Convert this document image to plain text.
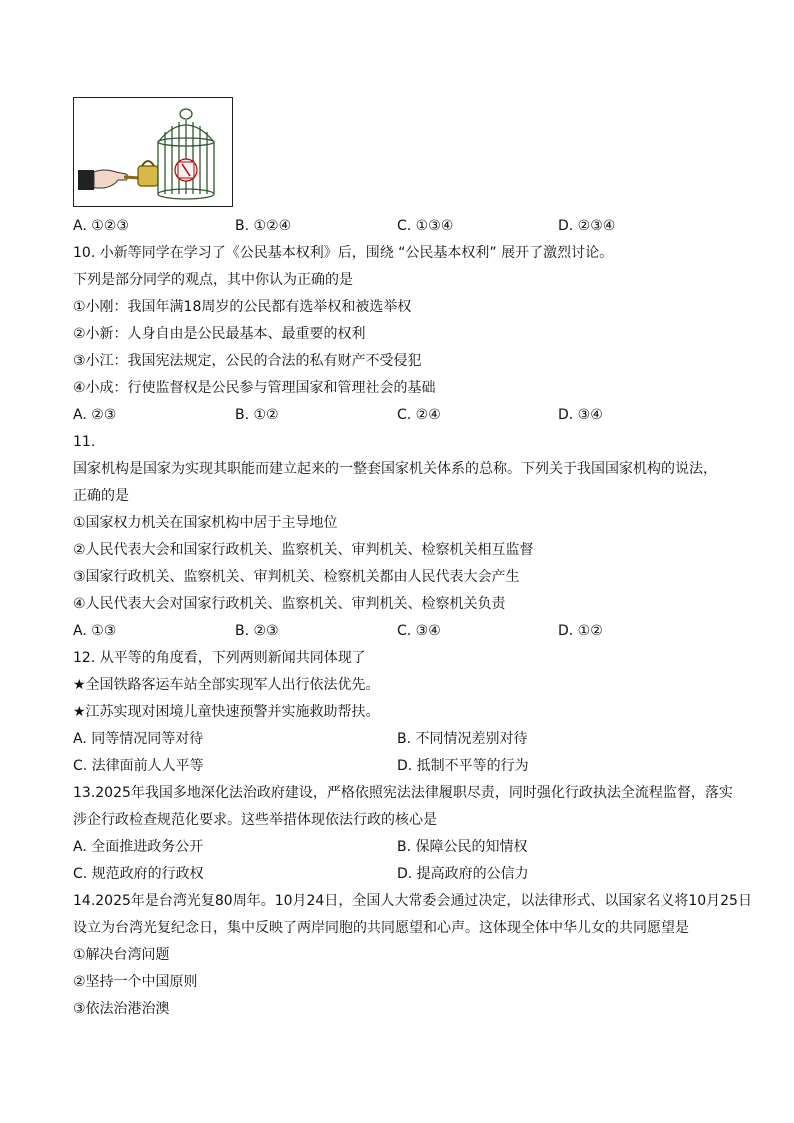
A. ①②③	B. ①②④	C. ①③④	D. ②③④
10. 小新等同学在学习了《公民基本权利》后，围绕 “公民基本权利” 展开了激烈讨论。
下列是部分同学的观点，其中你认为正确的是
①小刚：我国年满18周岁的公民都有选举权和被选举权
②小新：人身自由是公民最基本、最重要的权利
③小江：我国宪法规定，公民的合法的私有财产不受侵犯
④小成：行使监督权是公民参与管理国家和管理社会的基础
A. ②③	B. ①②	C. ②④	D. ③④
11.
国家机构是国家为实现其职能而建立起来的一整套国家机关体系的总称。下列关于我国国家机构的说法，
正确的是
①国家权力机关在国家机构中居于主导地位
②人民代表大会和国家行政机关、监察机关、审判机关、检察机关相互监督
③国家行政机关、监察机关、审判机关、检察机关都由人民代表大会产生
④人民代表大会对国家行政机关、监察机关、审判机关、检察机关负责
A. ①③	B. ②③	C. ③④	D. ①②
12. 从平等的角度看，下列两则新闻共同体现了
★全国铁路客运车站全部实现军人出行依法优先。
★江苏实现对困境儿童快速预警并实施救助帮扶。
A. 同等情况同等对待	B. 不同情况差别对待
C. 法律面前人人平等	D. 抵制不平等的行为
13.2025年我国多地深化法治政府建设，严格依照宪法法律履职尽责，同时强化行政执法全流程监督，落实
涉企行政检查规范化要求。这些举措体现依法行政的核心是
A. 全面推进政务公开	B. 保障公民的知情权
C. 规范政府的行政权	D. 提高政府的公信力
14.2025年是台湾光复80周年。10月24日，全国人大常委会通过决定，以法律形式、以国家名义将10月25日
设立为台湾光复纪念日，集中反映了两岸同胞的共同愿望和心声。这体现全体中华儿女的共同愿望是
①解决台湾问题
②坚持一个中国原则
③依法治港治澳
